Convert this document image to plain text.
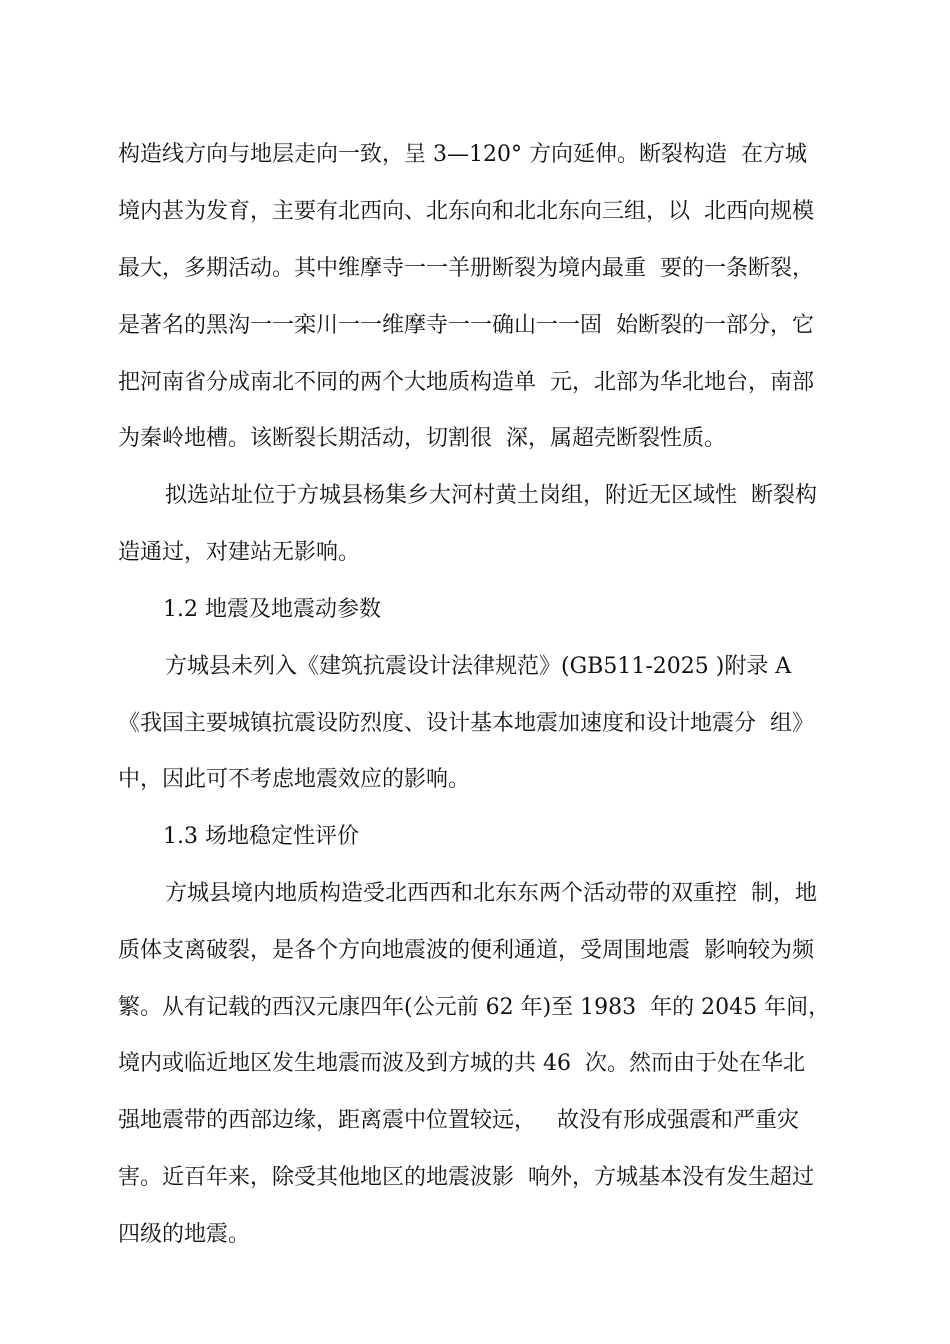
构造线方向与地层走向一致，呈 3—120° 方向延伸。断裂构造  在方城
境内甚为发育，主要有北西向、北东向和北北东向三组，以  北西向规模
最大，多期活动。其中维摩寺一一羊册断裂为境内最重  要的一条断裂，
是著名的黑沟一一栾川一一维摩寺一一确山一一固  始断裂的一部分，它
把河南省分成南北不同的两个大地质构造单  元，北部为华北地台，南部
为秦岭地槽。该断裂长期活动，切割很  深，属超壳断裂性质。
拟选站址位于方城县杨集乡大河村黄土岗组，附近无区域性  断裂构
造通过，对建站无影响。
1.2 地震及地震动参数
方城县未列入《建筑抗震设计法律规范》(GB511-2025 )附录 A
《我国主要城镇抗震设防烈度、设计基本地震加速度和设计地震分  组》
中，因此可不考虑地震效应的影响。
1.3 场地稳定性评价
方城县境内地质构造受北西西和北东东两个活动带的双重控  制，地
质体支离破裂，是各个方向地震波的便利通道，受周围地震  影响较为频
繁。从有记载的西汉元康四年(公元前 62 年)至 1983  年的 2045 年间，
境内或临近地区发生地震而波及到方城的共 46  次。然而由于处在华北
强地震带的西部边缘，距离震中位置较远，   故没有形成强震和严重灾
害。近百年来，除受其他地区的地震波影  响外，方城基本没有发生超过
四级的地震。
